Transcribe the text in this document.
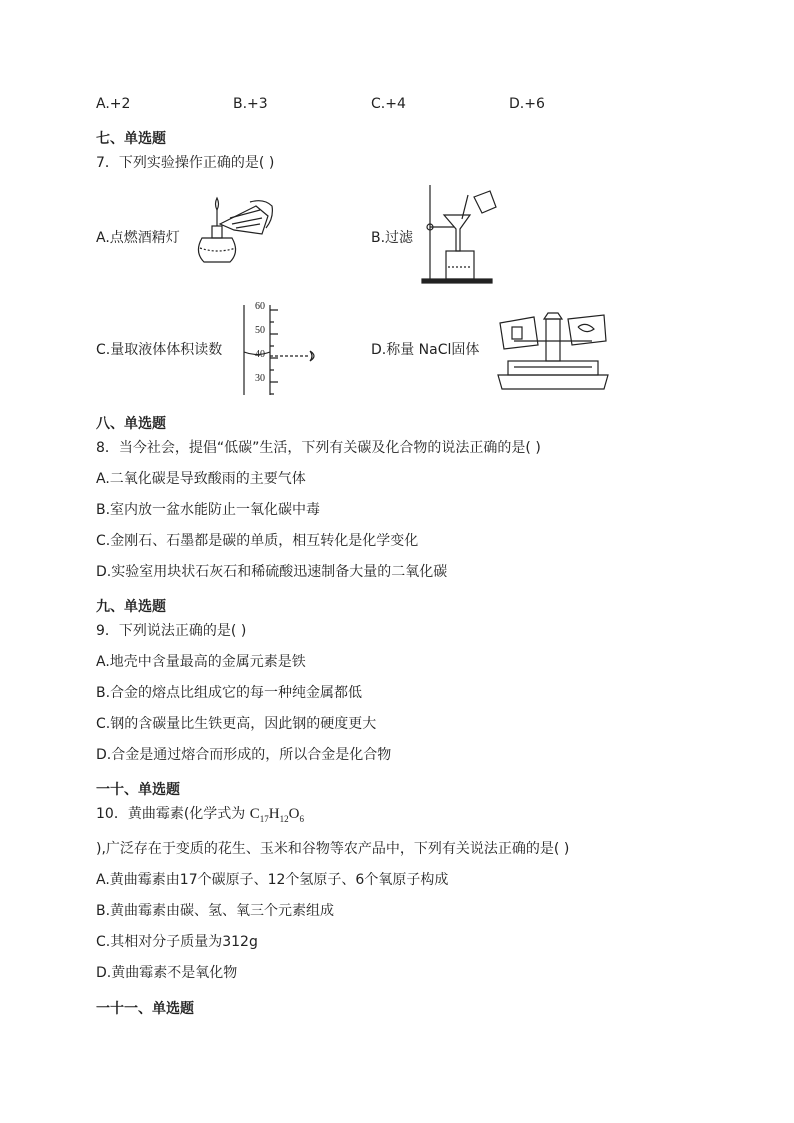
A.+2	B.+3	C.+4	D.+6
七、单选题
7．下列实验操作正确的是( )
A.点燃酒精灯	B.过滤
C.量取液体体积读数
60
50
40
30
D.称量 NaCl固体
八、单选题
8．当今社会，提倡“低碳”生活，下列有关碳及化合物的说法正确的是( )
A.二氧化碳是导致酸雨的主要气体
B.室内放一盆水能防止一氧化碳中毒
C.金刚石、石墨都是碳的单质，相互转化是化学变化
D.实验室用块状石灰石和稀硫酸迅速制备大量的二氧化碳
九、单选题
9．下列说法正确的是( )
A.地壳中含量最高的金属元素是铁
B.合金的熔点比组成它的每一种纯金属都低
C.钢的含碳量比生铁更高，因此钢的硬度更大
D.合金是通过熔合而形成的，所以合金是化合物
一十、单选题
10．黄曲霉素(化学式为 $C_{17}H_{12}O_6$
),广泛存在于变质的花生、玉米和谷物等农产品中，下列有关说法正确的是( )
A.黄曲霉素由17个碳原子、12个氢原子、6个氧原子构成
B.黄曲霉素由碳、氢、氧三个元素组成
C.其相对分子质量为312g
D.黄曲霉素不是氧化物
一十一、单选题
